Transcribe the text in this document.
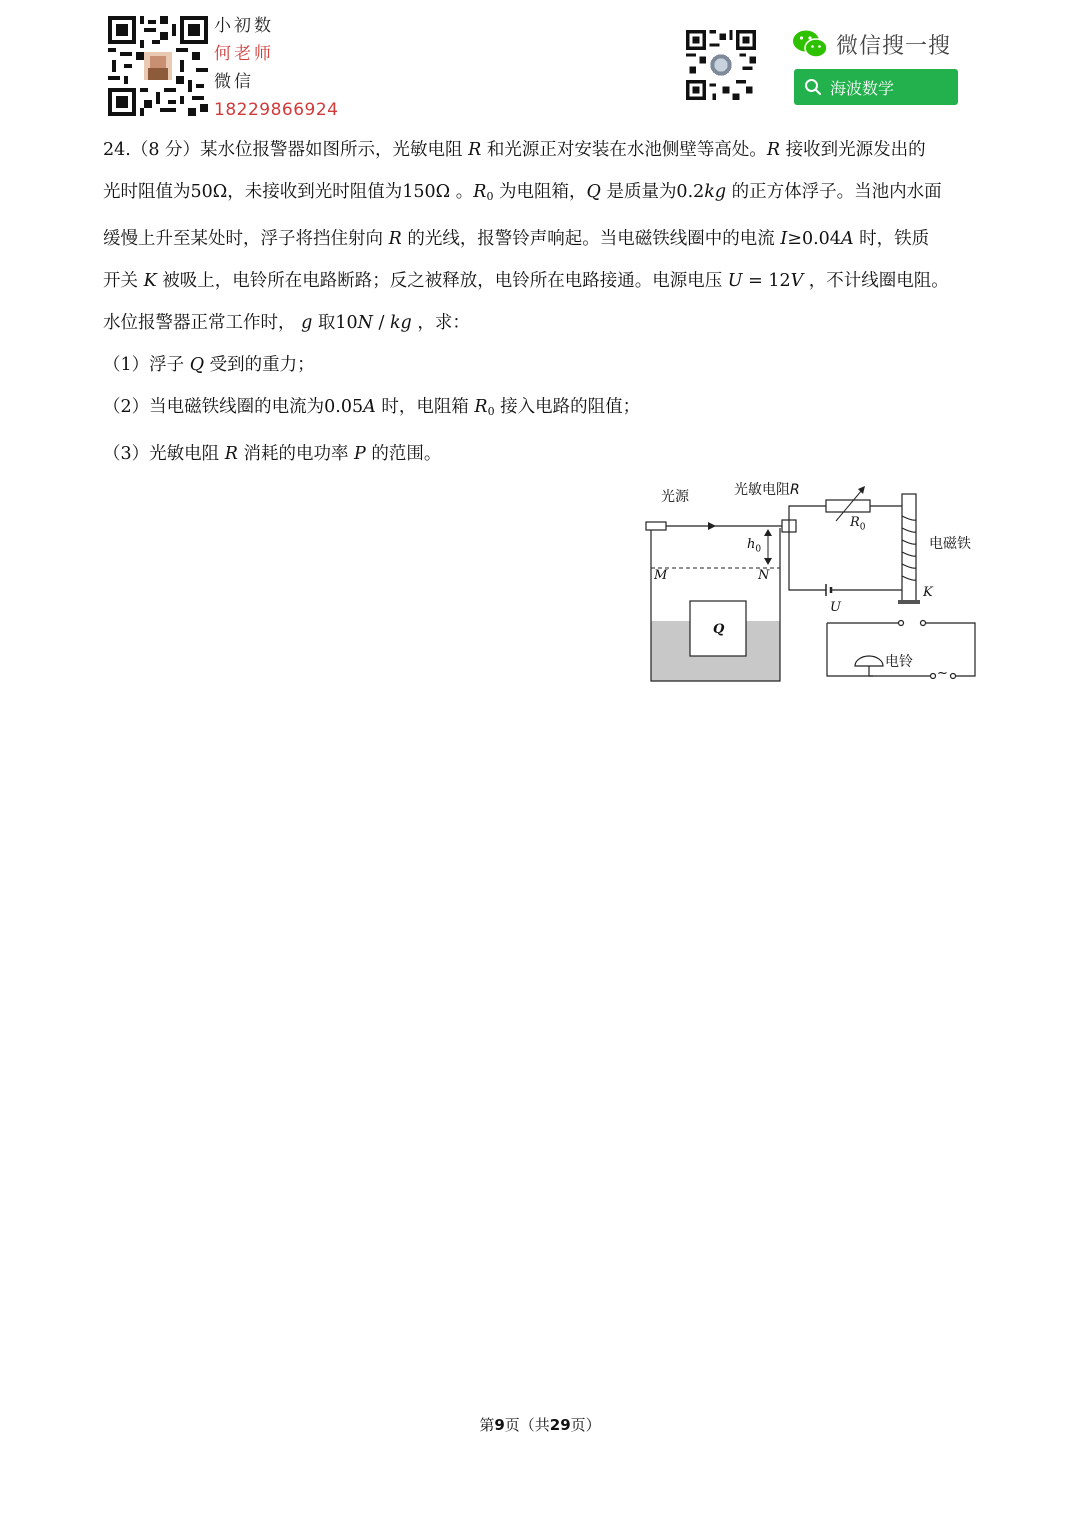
小初数
何老师
微信
18229866924
微信搜一搜
海波数学

24.（8 分）某水位报警器如图所示，光敏电阻 R 和光源正对安装在水池侧壁等高处。R 接收到光源发出的

光时阻值为50Ω，未接收到光时阻值为150Ω 。$R_0$ 为电阻箱，Q 是质量为0.2kg 的正方体浮子。当池内水面

缓慢上升至某处时，浮子将挡住射向 R 的光线，报警铃声响起。当电磁铁线圈中的电流 I≥0.04A 时，铁质

开关 K 被吸上，电铃所在电路断路；反之被释放，电铃所在电路接通。电源电压 U = 12V ，不计线圈电阻。

水位报警器正常工作时， g 取10N / kg ，求：

（1）浮子 Q 受到的重力；

（2）当电磁铁线圈的电流为0.05A 时，电阻箱 $R_0$ 接入电路的阻值；

（3）光敏电阻 R 消耗的电功率 P 的范围。

光源	光敏电阻R
$R_0$
$h_0$
M	N
Q
U
K
电磁铁
电铃
~
第9页（共29页）
